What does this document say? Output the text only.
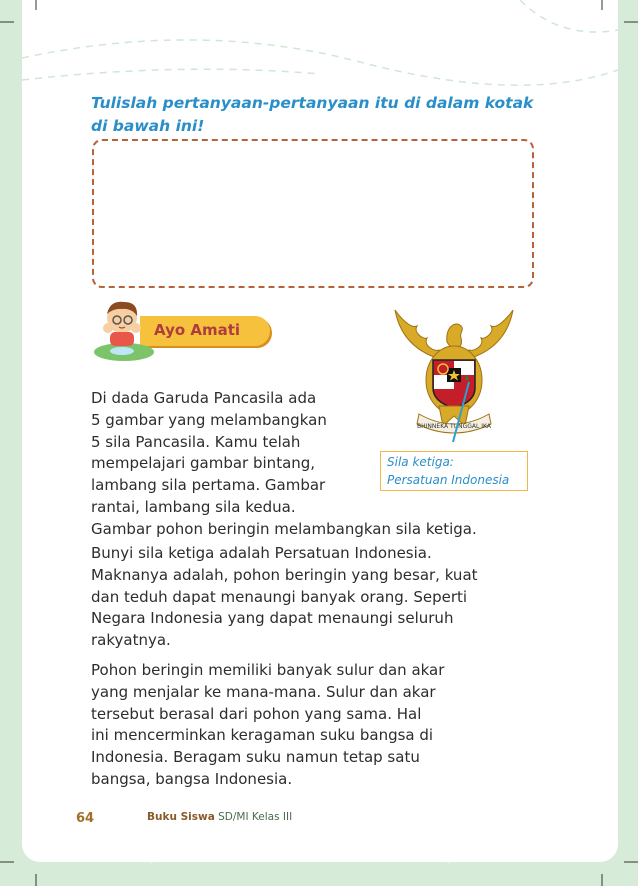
Tulislah pertanyaan-pertanyaan itu di dalam kotak
di bawah ini!
Ayo Amati
BHINNEKA TUNGGAL IKA
Sila ketiga:
Persatuan Indonesia
Di dada Garuda Pancasila ada
5 gambar yang melambangkan
5 sila Pancasila. Kamu telah
mempelajari gambar bintang,
lambang sila pertama. Gambar
rantai, lambang sila kedua.
Gambar pohon beringin melambangkan sila ketiga.
Bunyi sila ketiga adalah Persatuan Indonesia.
Maknanya adalah, pohon beringin yang besar, kuat
dan teduh dapat menaungi banyak orang. Seperti
Negara Indonesia yang dapat menaungi seluruh
rakyatnya.
Pohon beringin memiliki banyak sulur dan akar
yang menjalar ke mana-mana. Sulur dan akar
tersebut berasal dari pohon yang sama. Hal
ini mencerminkan keragaman suku bangsa di
Indonesia. Beragam suku namun tetap satu
bangsa, bangsa Indonesia.
64	Buku Siswa SD/MI Kelas III
